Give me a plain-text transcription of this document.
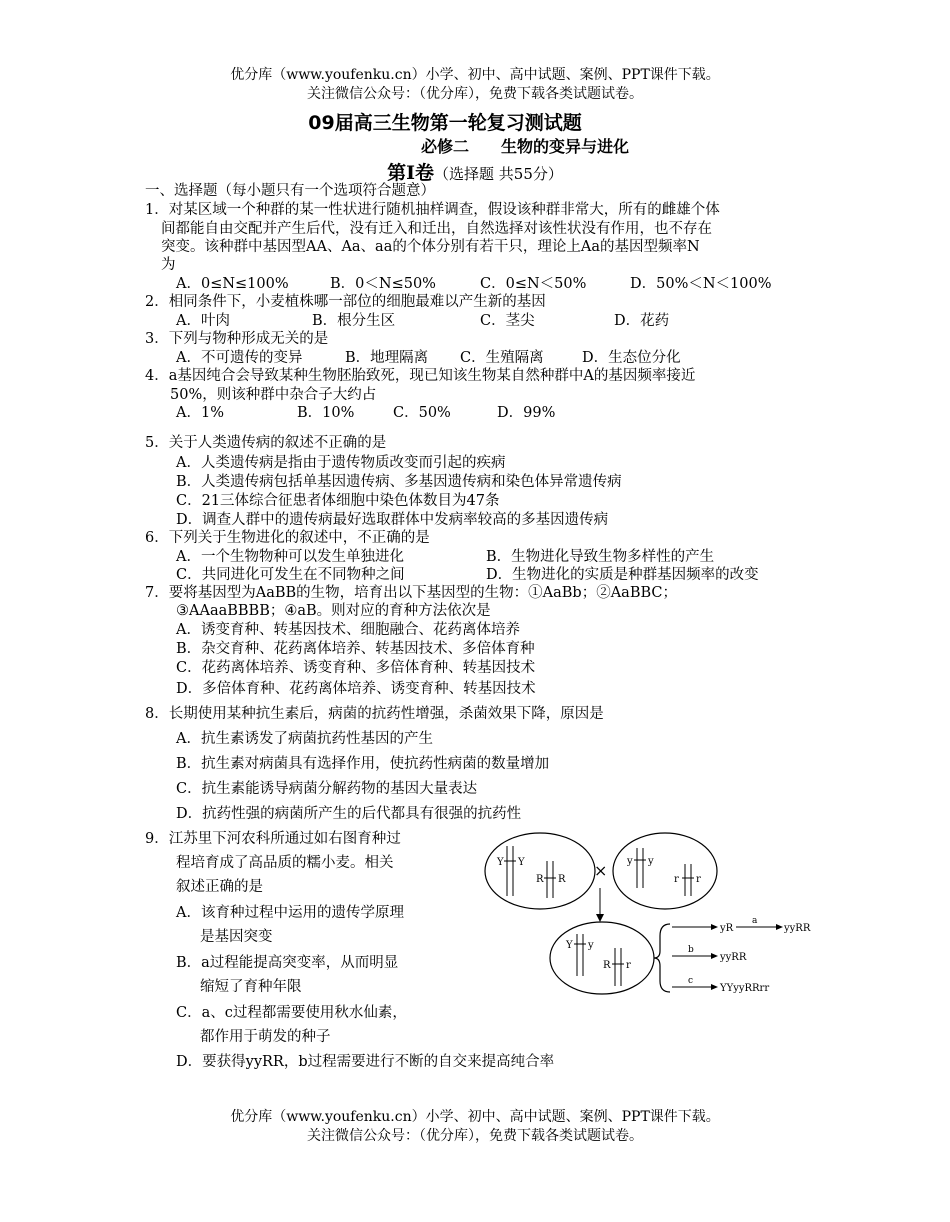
优分库（www.youfenku.cn）小学、初中、高中试题、案例、PPT课件下载。
关注微信公众号：（优分库），免费下载各类试题试卷。
09届高三生物第一轮复习测试题
必修二　　生物的变异与进化
第Ⅰ卷（选择题 共55分）
一、选择题（每小题只有一个选项符合题意）
1．对某区域一个种群的某一性状进行随机抽样调查，假设该种群非常大，所有的雌雄个体
间都能自由交配并产生后代，没有迁入和迁出，自然选择对该性状没有作用，也不存在
突变。该种群中基因型AA、Aa、aa的个体分别有若干只，理论上Aa的基因型频率N
为
A．0≤N≤100%	B．0＜N≤50%	C．0≤N＜50%	D．50%＜N＜100%
2．相同条件下，小麦植株哪一部位的细胞最难以产生新的基因
A．叶肉	B．根分生区	C．茎尖	D．花药
3．下列与物种形成无关的是
A．不可遗传的变异	B．地理隔离 C．生殖隔离	D．生态位分化
4．a基因纯合会导致某种生物胚胎致死，现已知该生物某自然种群中A的基因频率接近
50%，则该种群中杂合子大约占
A．1%	B．10%	C．50%	D．99%
5．关于人类遗传病的叙述不正确的是
A．人类遗传病是指由于遗传物质改变而引起的疾病
B．人类遗传病包括单基因遗传病、多基因遗传病和染色体异常遗传病
C．21三体综合征患者体细胞中染色体数目为47条
D．调查人群中的遗传病最好选取群体中发病率较高的多基因遗传病
6．下列关于生物进化的叙述中，不正确的是
A．一个生物物种可以发生单独进化	B．生物进化导致生物多样性的产生
C．共同进化可发生在不同物种之间	D．生物进化的实质是种群基因频率的改变
7．要将基因型为AaBB的生物，培育出以下基因型的生物：①AaBb；②AaBBC；
③AAaaBBBB；④aB。则对应的育种方法依次是
A．诱变育种、转基因技术、细胞融合、花药离体培养
B．杂交育种、花药离体培养、转基因技术、多倍体育种
C．花药离体培养、诱变育种、多倍体育种、转基因技术
D．多倍体育种、花药离体培养、诱变育种、转基因技术
8．长期使用某种抗生素后，病菌的抗药性增强，杀菌效果下降，原因是
A．抗生素诱发了病菌抗药性基因的产生
B．抗生素对病菌具有选择作用，使抗药性病菌的数量增加
C．抗生素能诱导病菌分解药物的基因大量表达
D．抗药性强的病菌所产生的后代都具有很强的抗药性
9．江苏里下河农科所通过如右图育种过
程培育成了高品质的糯小麦。相关
叙述正确的是
A．该育种过程中运用的遗传学原理
是基因突变
B．a过程能提高突变率，从而明显
缩短了育种年限
C．a、c过程都需要使用秋水仙素，
都作用于萌发的种子
D．要获得yyRR，b过程需要进行不断的自交来提高纯合率
Y Y
R R × y y
r r
Y y
R r
yR
a
yyRR
b
yyRR
c
YYyyRRrr
优分库（www.youfenku.cn）小学、初中、高中试题、案例、PPT课件下载。
关注微信公众号：（优分库），免费下载各类试题试卷。
